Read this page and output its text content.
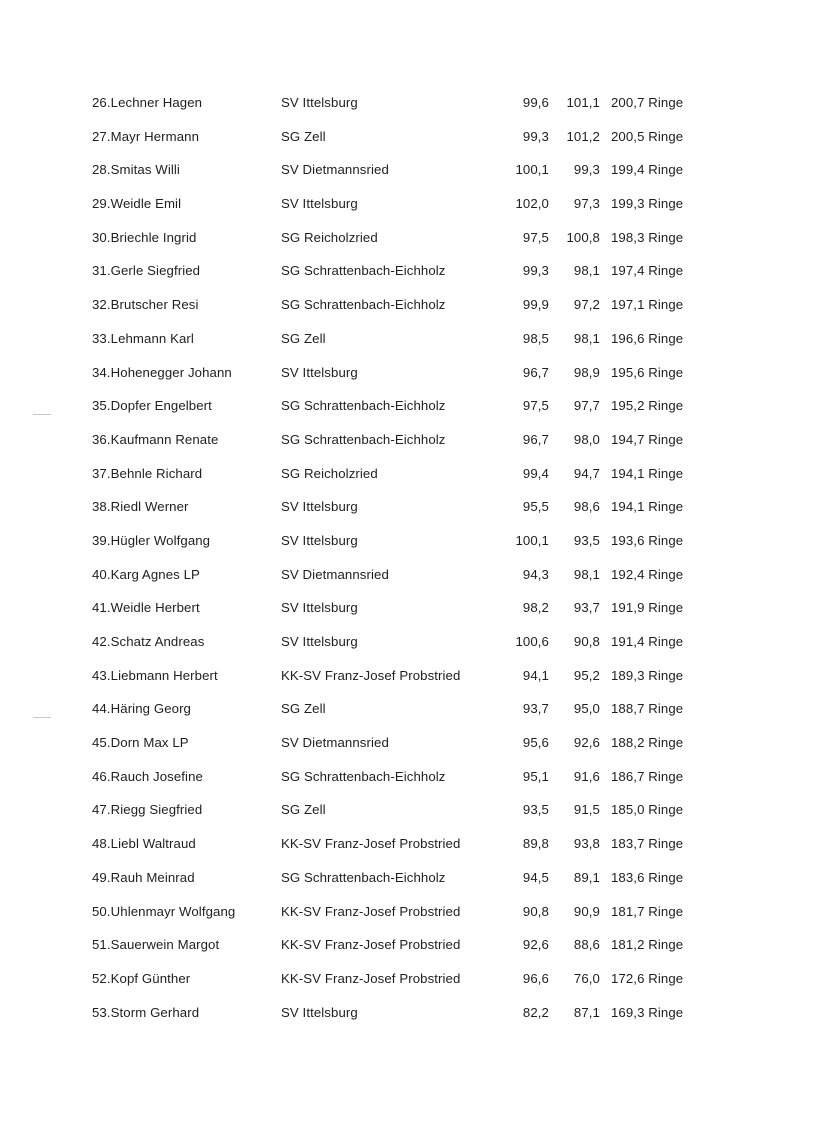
26.Lechner Hagen	SV Ittelsburg	99,6 101,1 200,7 Ringe
27.Mayr Hermann	SG Zell	99,3 101,2 200,5 Ringe
28.Smitas Willi	SV Dietmannsried	100,1 99,3 199,4 Ringe
29.Weidle Emil	SV Ittelsburg	102,0 97,3 199,3 Ringe
30.Briechle Ingrid	SG Reicholzried	97,5 100,8 198,3 Ringe
31.Gerle Siegfried	SG Schrattenbach-Eichholz	99,3 98,1 197,4 Ringe
32.Brutscher Resi	SG Schrattenbach-Eichholz	99,9 97,2 197,1 Ringe
33.Lehmann Karl	SG Zell	98,5 98,1 196,6 Ringe
34.Hohenegger Johann	SV Ittelsburg	96,7 98,9 195,6 Ringe
35.Dopfer Engelbert	SG Schrattenbach-Eichholz	97,5 97,7 195,2 Ringe
36.Kaufmann Renate	SG Schrattenbach-Eichholz	96,7 98,0 194,7 Ringe
37.Behnle Richard	SG Reicholzried	99,4 94,7 194,1 Ringe
38.Riedl Werner	SV Ittelsburg	95,5 98,6 194,1 Ringe
39.Hügler Wolfgang	SV Ittelsburg	100,1 93,5 193,6 Ringe
40.Karg Agnes LP	SV Dietmannsried	94,3 98,1 192,4 Ringe
41.Weidle Herbert	SV Ittelsburg	98,2 93,7 191,9 Ringe
42.Schatz Andreas	SV Ittelsburg	100,6 90,8 191,4 Ringe
43.Liebmann Herbert	KK-SV Franz-Josef Probstried	94,1 95,2 189,3 Ringe
44.Häring Georg	SG Zell	93,7 95,0 188,7 Ringe
45.Dorn Max LP	SV Dietmannsried	95,6 92,6 188,2 Ringe
46.Rauch Josefine	SG Schrattenbach-Eichholz	95,1 91,6 186,7 Ringe
47.Riegg Siegfried	SG Zell	93,5 91,5 185,0 Ringe
48.Liebl Waltraud	KK-SV Franz-Josef Probstried	89,8 93,8 183,7 Ringe
49.Rauh Meinrad	SG Schrattenbach-Eichholz	94,5 89,1 183,6 Ringe
50.Uhlenmayr Wolfgang	KK-SV Franz-Josef Probstried	90,8 90,9 181,7 Ringe
51.Sauerwein Margot	KK-SV Franz-Josef Probstried	92,6 88,6 181,2 Ringe
52.Kopf Günther	KK-SV Franz-Josef Probstried	96,6 76,0 172,6 Ringe
53.Storm Gerhard	SV Ittelsburg	82,2 87,1 169,3 Ringe
